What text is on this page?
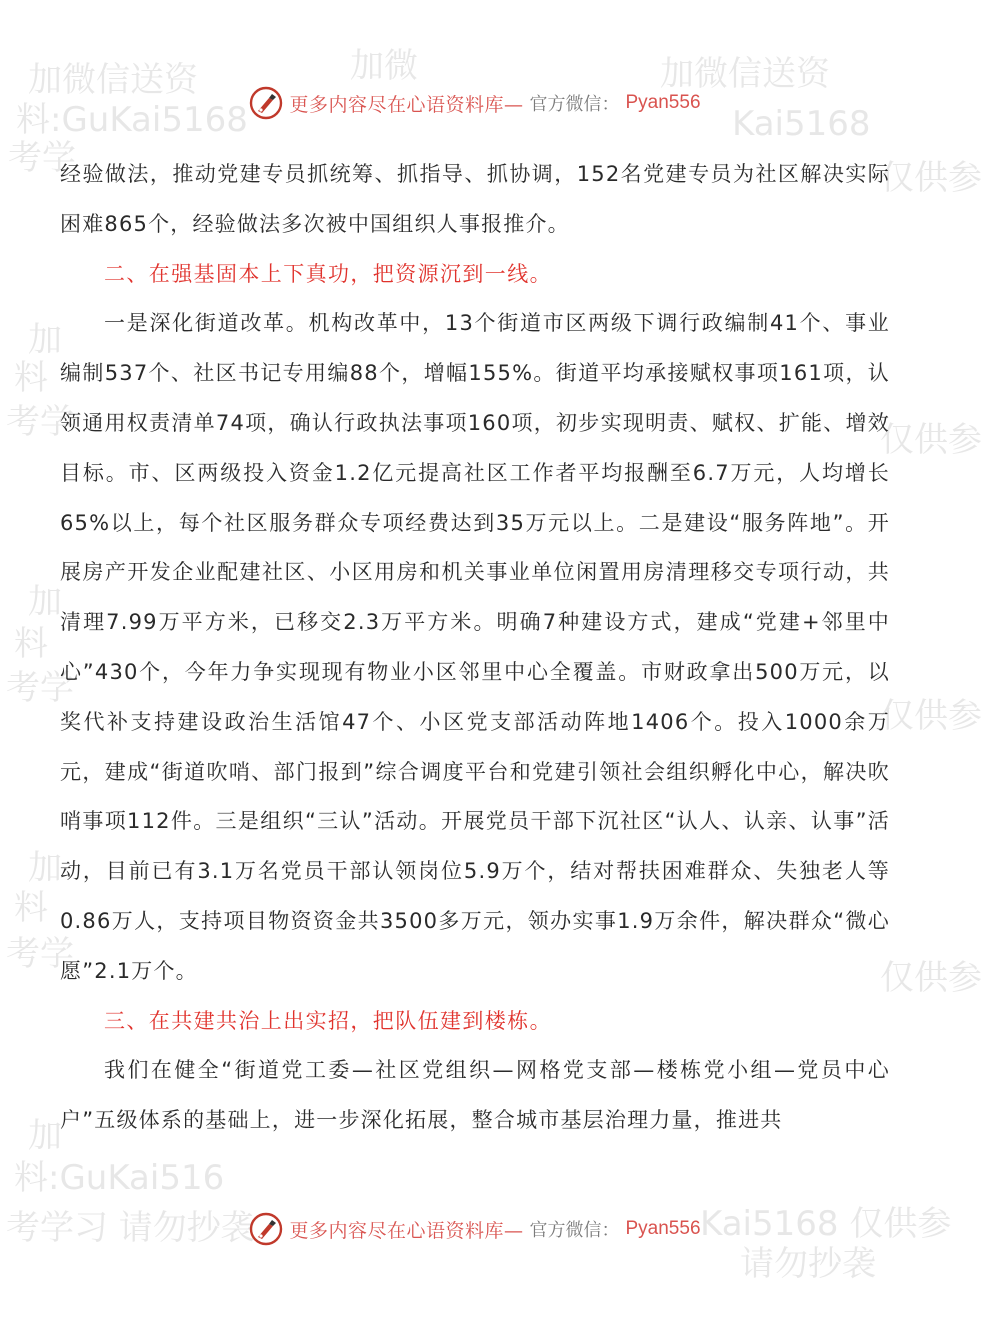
加微信送资
料:GuKai5168
考学
加微	加微信送资
Kai5168
仅供参
加
料
考学	仅供参
加
料
考学
仅供参
加
料
考学
仅供参
加
料:GuKai516
考学习 请勿抄袭	Kai5168 仅供参
请勿抄袭
更多内容尽在心语资料库— 官方微信： Pyan556

经验做法，推动党建专员抓统筹、抓指导、抓协调，152名党建专员为社区解决实际困难865个，经验做法多次被中国组织人事报推介。

二、在强基固本上下真功，把资源沉到一线。

一是深化街道改革。机构改革中，13个街道市区两级下调行政编制41个、事业编制537个、社区书记专用编88个，增幅155%。街道平均承接赋权事项161项，认领通用权责清单74项，确认行政执法事项160项，初步实现明责、赋权、扩能、增效目标。市、区两级投入资金1.2亿元提高社区工作者平均报酬至6.7万元，人均增长65%以上，每个社区服务群众专项经费达到35万元以上。二是建设“服务阵地”。开展房产开发企业配建社区、小区用房和机关事业单位闲置用房清理移交专项行动，共清理7.99万平方米，已移交2.3万平方米。明确7种建设方式，建成“党建+邻里中心”430个，今年力争实现现有物业小区邻里中心全覆盖。市财政拿出500万元，以奖代补支持建设政治生活馆47个、小区党支部活动阵地1406个。投入1000余万元，建成“街道吹哨、部门报到”综合调度平台和党建引领社会组织孵化中心，解决吹哨事项112件。三是组织“三认”活动。开展党员干部下沉社区“认人、认亲、认事”活动，目前已有3.1万名党员干部认领岗位5.9万个，结对帮扶困难群众、失独老人等0.86万人，支持项目物资资金共3500多万元，领办实事1.9万余件，解决群众“微心愿”2.1万个。

三、在共建共治上出实招，把队伍建到楼栋。

我们在健全“街道党工委—社区党组织—网格党支部—楼栋党小组—党员中心户”五级体系的基础上，进一步深化拓展，整合城市基层治理力量，推进共

更多内容尽在心语资料库— 官方微信： Pyan556
